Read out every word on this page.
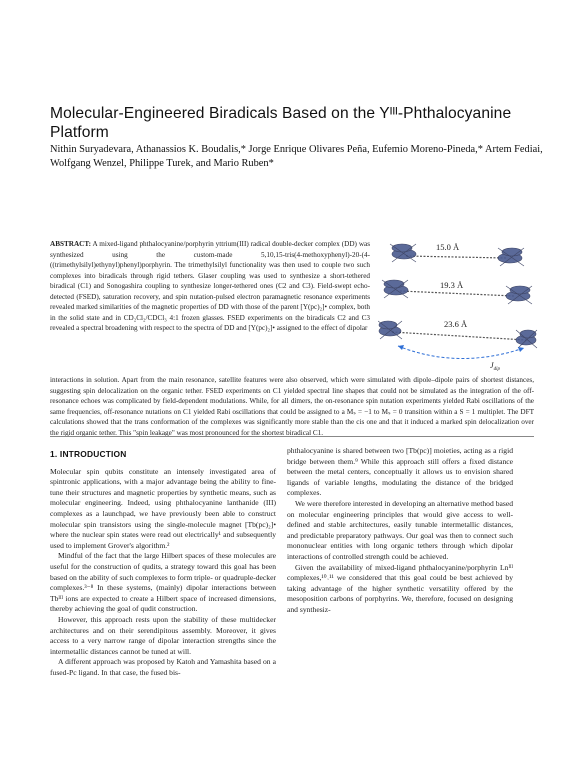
Molecular-Engineered Biradicals Based on the Yᴵᴵᴵ-Phthalocyanine Platform
Nithin Suryadevara, Athanassios K. Boudalis,* Jorge Enrique Olivares Peña, Eufemio Moreno-Pineda,* Artem Fediai, Wolfgang Wenzel, Philippe Turek, and Mario Ruben*
ABSTRACT: A mixed-ligand phthalocyanine/porphyrin yttrium(III) radical double-decker complex (DD) was synthesized using the custom-made 5,10,15-tris(4-methoxyphenyl)-20-(4-((trimethylsilyl)ethynyl)phenyl)porphyrin. The trimethylsilyl functionality was then used to couple two such complexes into biradicals through rigid tethers. Glaser coupling was used to synthesize a short-tethered biradical (C1) and Sonogashira coupling to synthesize longer-tethered ones (C2 and C3). Field-swept echo-detected (FSED), saturation recovery, and spin nutation-pulsed electron paramagnetic resonance experiments revealed marked similarities of the magnetic properties of DD with those of the parent [Y(pc)₂]• complex, both in the solid state and in CD₂Cl₂/CDCl₃ 4:1 frozen glasses. FSED experiments on the biradicals C2 and C3 revealed a spectral broadening with respect to the spectra of DD and [Y(pc)₂]• assigned to the effect of dipolar
15.0 Å
19.3 Å
23.6 Å
$J_{dip}$
interactions in solution. Apart from the main resonance, satellite features were also observed, which were simulated with dipole–dipole pairs of shortest distances, suggesting spin delocalization on the organic tether. FSED experiments on C1 yielded spectral line shapes that could not be simulated as the integration of the off-resonance echoes was complicated by field-dependent modulations. While, for all dimers, the on-resonance spin nutation experiments yielded Rabi oscillations of the same frequencies, off-resonance nutations on C1 yielded Rabi oscillations that could be assigned to a Mₛ = −1 to Mₛ = 0 transition within a S = 1 multiplet. The DFT calculations showed that the trans conformation of the complexes was significantly more stable than the cis one and that it induced a marked spin delocalization over the rigid organic tether. This "spin leakage" was most pronounced for the shortest biradical C1.
1. INTRODUCTION

Molecular spin qubits constitute an intensely investigated area of spintronic applications, with a major advantage being the ability to fine-tune their structures and magnetic properties by synthetic means, such as molecular engineering. Indeed, using phthalocyanine lanthanide (III) complexes as a launchpad, we have previously been able to construct molecular spin transistors using the single-molecule magnet [Tb(pc)₂]• where the nuclear spin states were read out electrically¹ and subsequently used to implement Grover's algorithm.²

Mindful of the fact that the large Hilbert spaces of these molecules are useful for the construction of qudits, a strategy toward this goal has been based on the ability of such complexes to form triple- or quadruple-decker complexes.³⁻⁸ In these systems, (mainly) dipolar interactions between Tbᴵᴵᴵ ions are expected to create a Hilbert space of increased dimensions, thereby achieving the goal of qudit construction.

However, this approach rests upon the stability of these multidecker architectures and on their serendipitous assembly. Moreover, it gives access to a very narrow range of dipolar interaction strengths since the intermetallic distances cannot be tuned at will.

A different approach was proposed by Katoh and Yamashita based on a fused-Pc ligand. In that case, the fused bis-

phthalocyanine is shared between two [Tb(pc)] moieties, acting as a rigid bridge between them.⁹ While this approach still offers a fixed distance between the metal centers, conceptually it allows us to envision shared ligands of variable lengths, modulating the distance of the bridged complexes.

We were therefore interested in developing an alternative method based on molecular engineering principles that would give access to well-defined and stable architectures, easily tunable intermetallic distances, and predictable preparatory pathways. Our goal was then to connect such mononuclear entities with long organic tethers through which dipolar interactions of controlled strength could be achieved.

Given the availability of mixed-ligand phthalocyanine/porphyrin Lnᴵᴵᴵ complexes,¹⁰˒¹¹ we considered that this goal could be best achieved by taking advantage of the higher synthetic versatility offered by the mesoposition carbons of porphyrins. We, therefore, focused on designing and synthesiz-
